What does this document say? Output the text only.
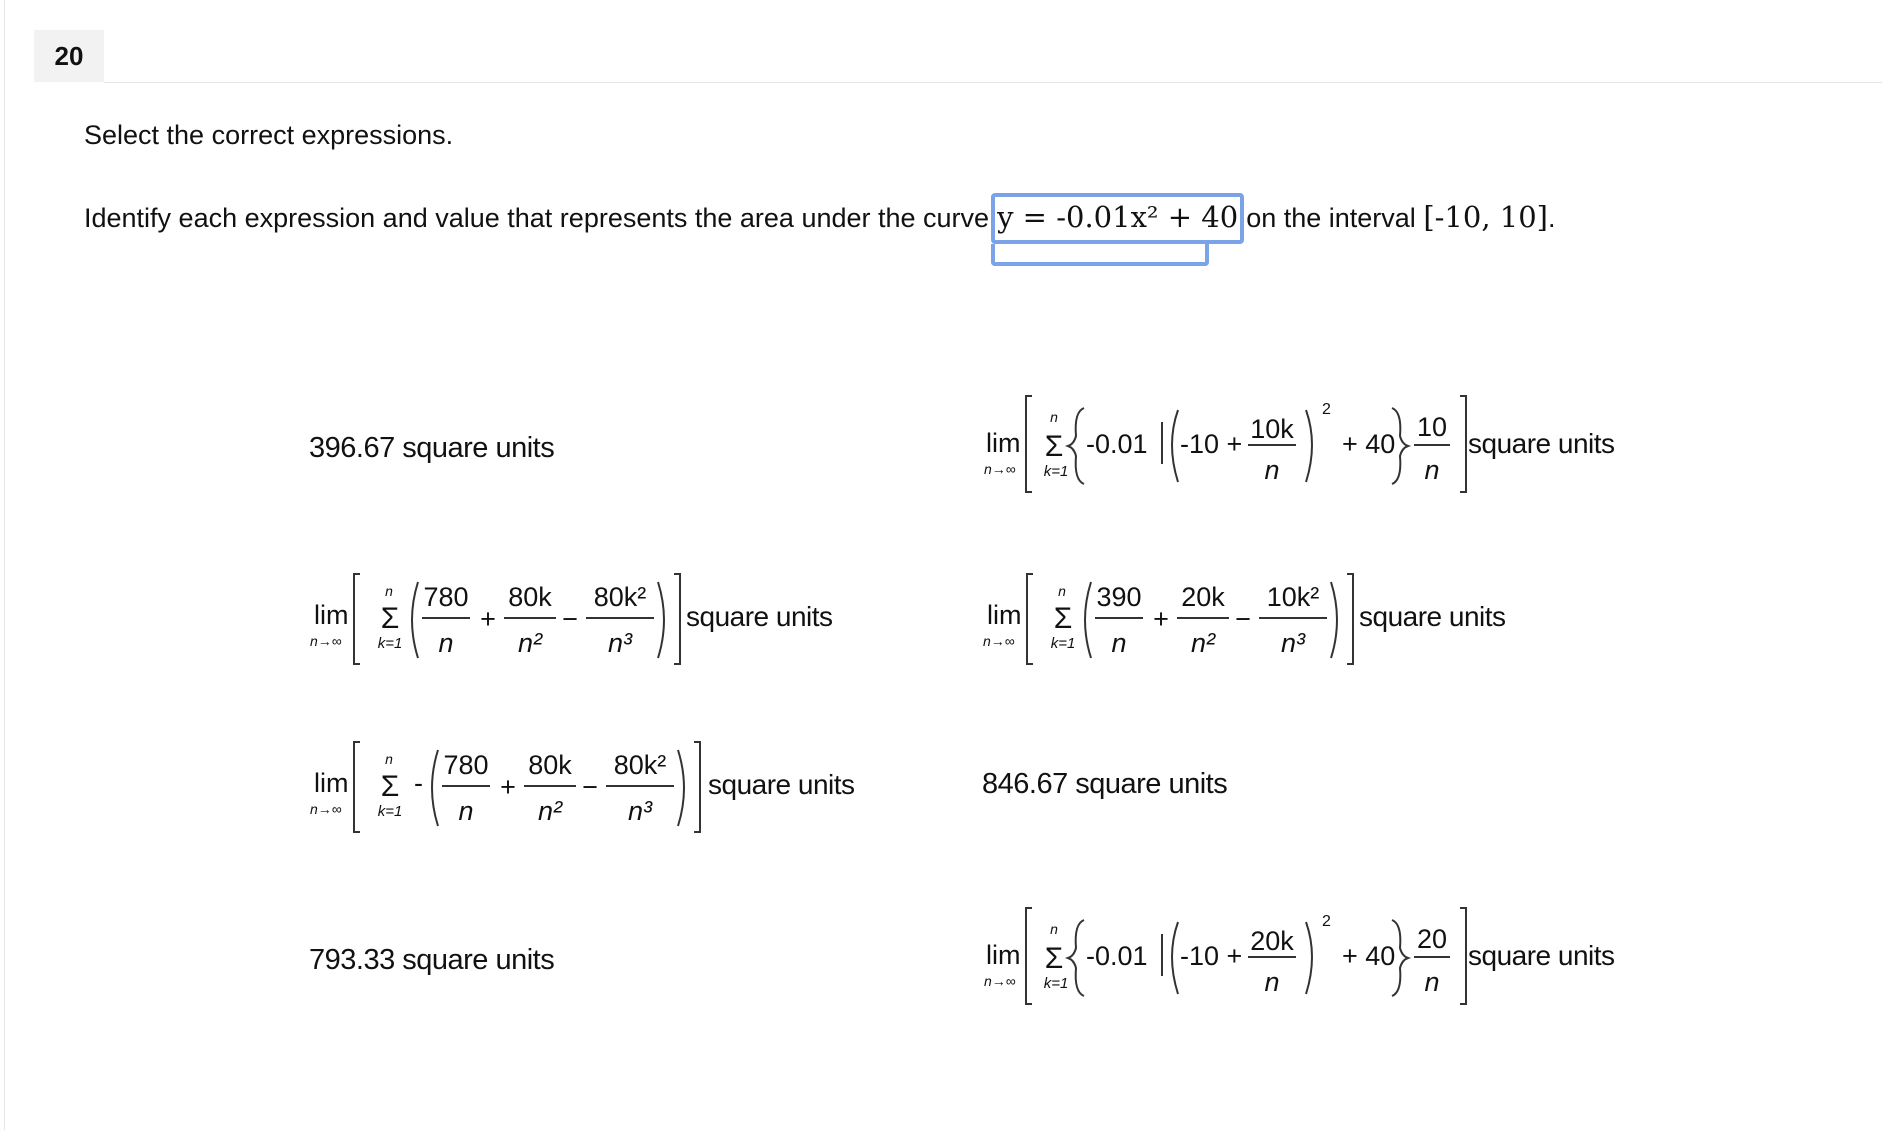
20
Select the correct expressions.
Identify each expression and value that represents the area under the curve y = -0.01x² + 40 on the interval [-10, 10].
396.67 square units
846.67 square units
793.33 square units
lim
n→∞
n
Σ
k=1
-0.01 -10 + 10k
n
2
+ 40
10
n
square units
lim
n→∞
n
Σ
k=1
780
n
+
80k
n²
−
80k²
n³
square units	lim
n→∞
n
Σ
k=1
390
n
+
20k
n²
−
10k²
n³
square units
lim
n→∞
n
Σ
k=1
-
780
n
+
80k
n²
−
80k²
n³
square units
lim
n→∞
n
Σ
k=1
-0.01 -10 + 20k
n
2
+ 40
20
n
square units
